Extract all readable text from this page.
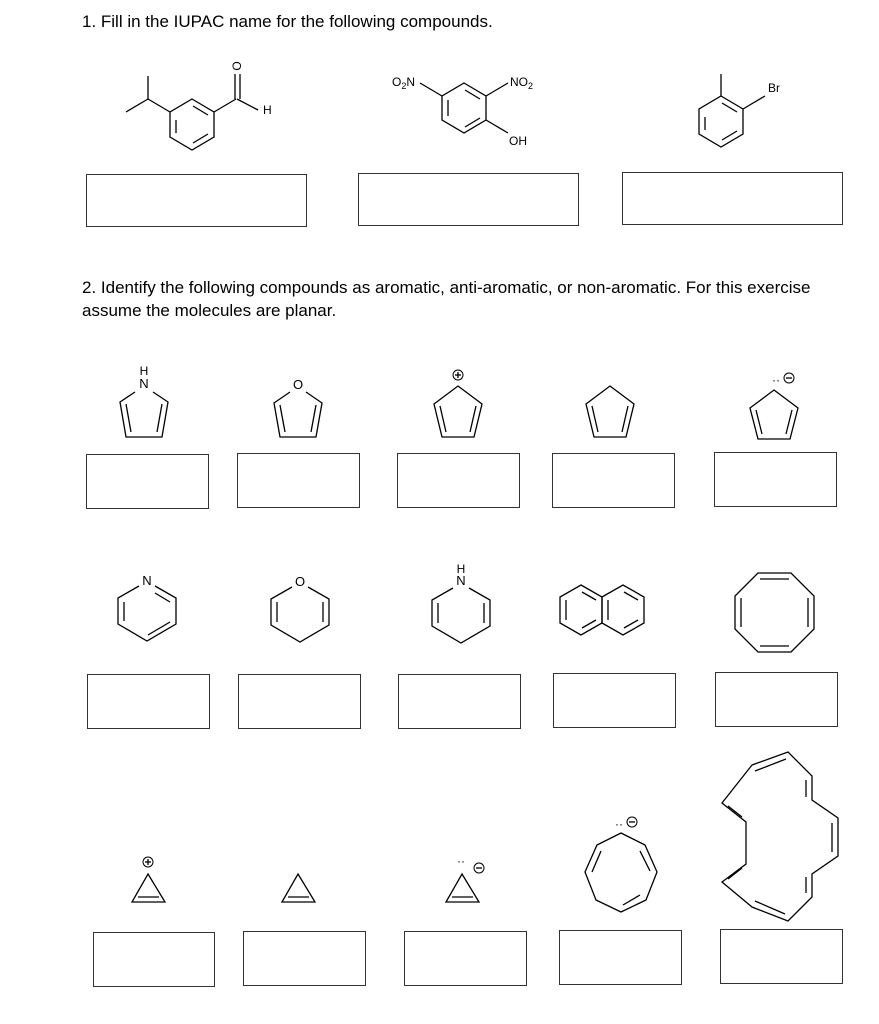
1. Fill in the IUPAC name for the following compounds.
2. Identify the following compounds as aromatic, anti-aromatic, or non-aromatic. For this exercise assume the molecules are planar.
O
H
$O_2N$	$NO_2$
OH
Br
H
N	O	··
N	O
H
N
··
··
